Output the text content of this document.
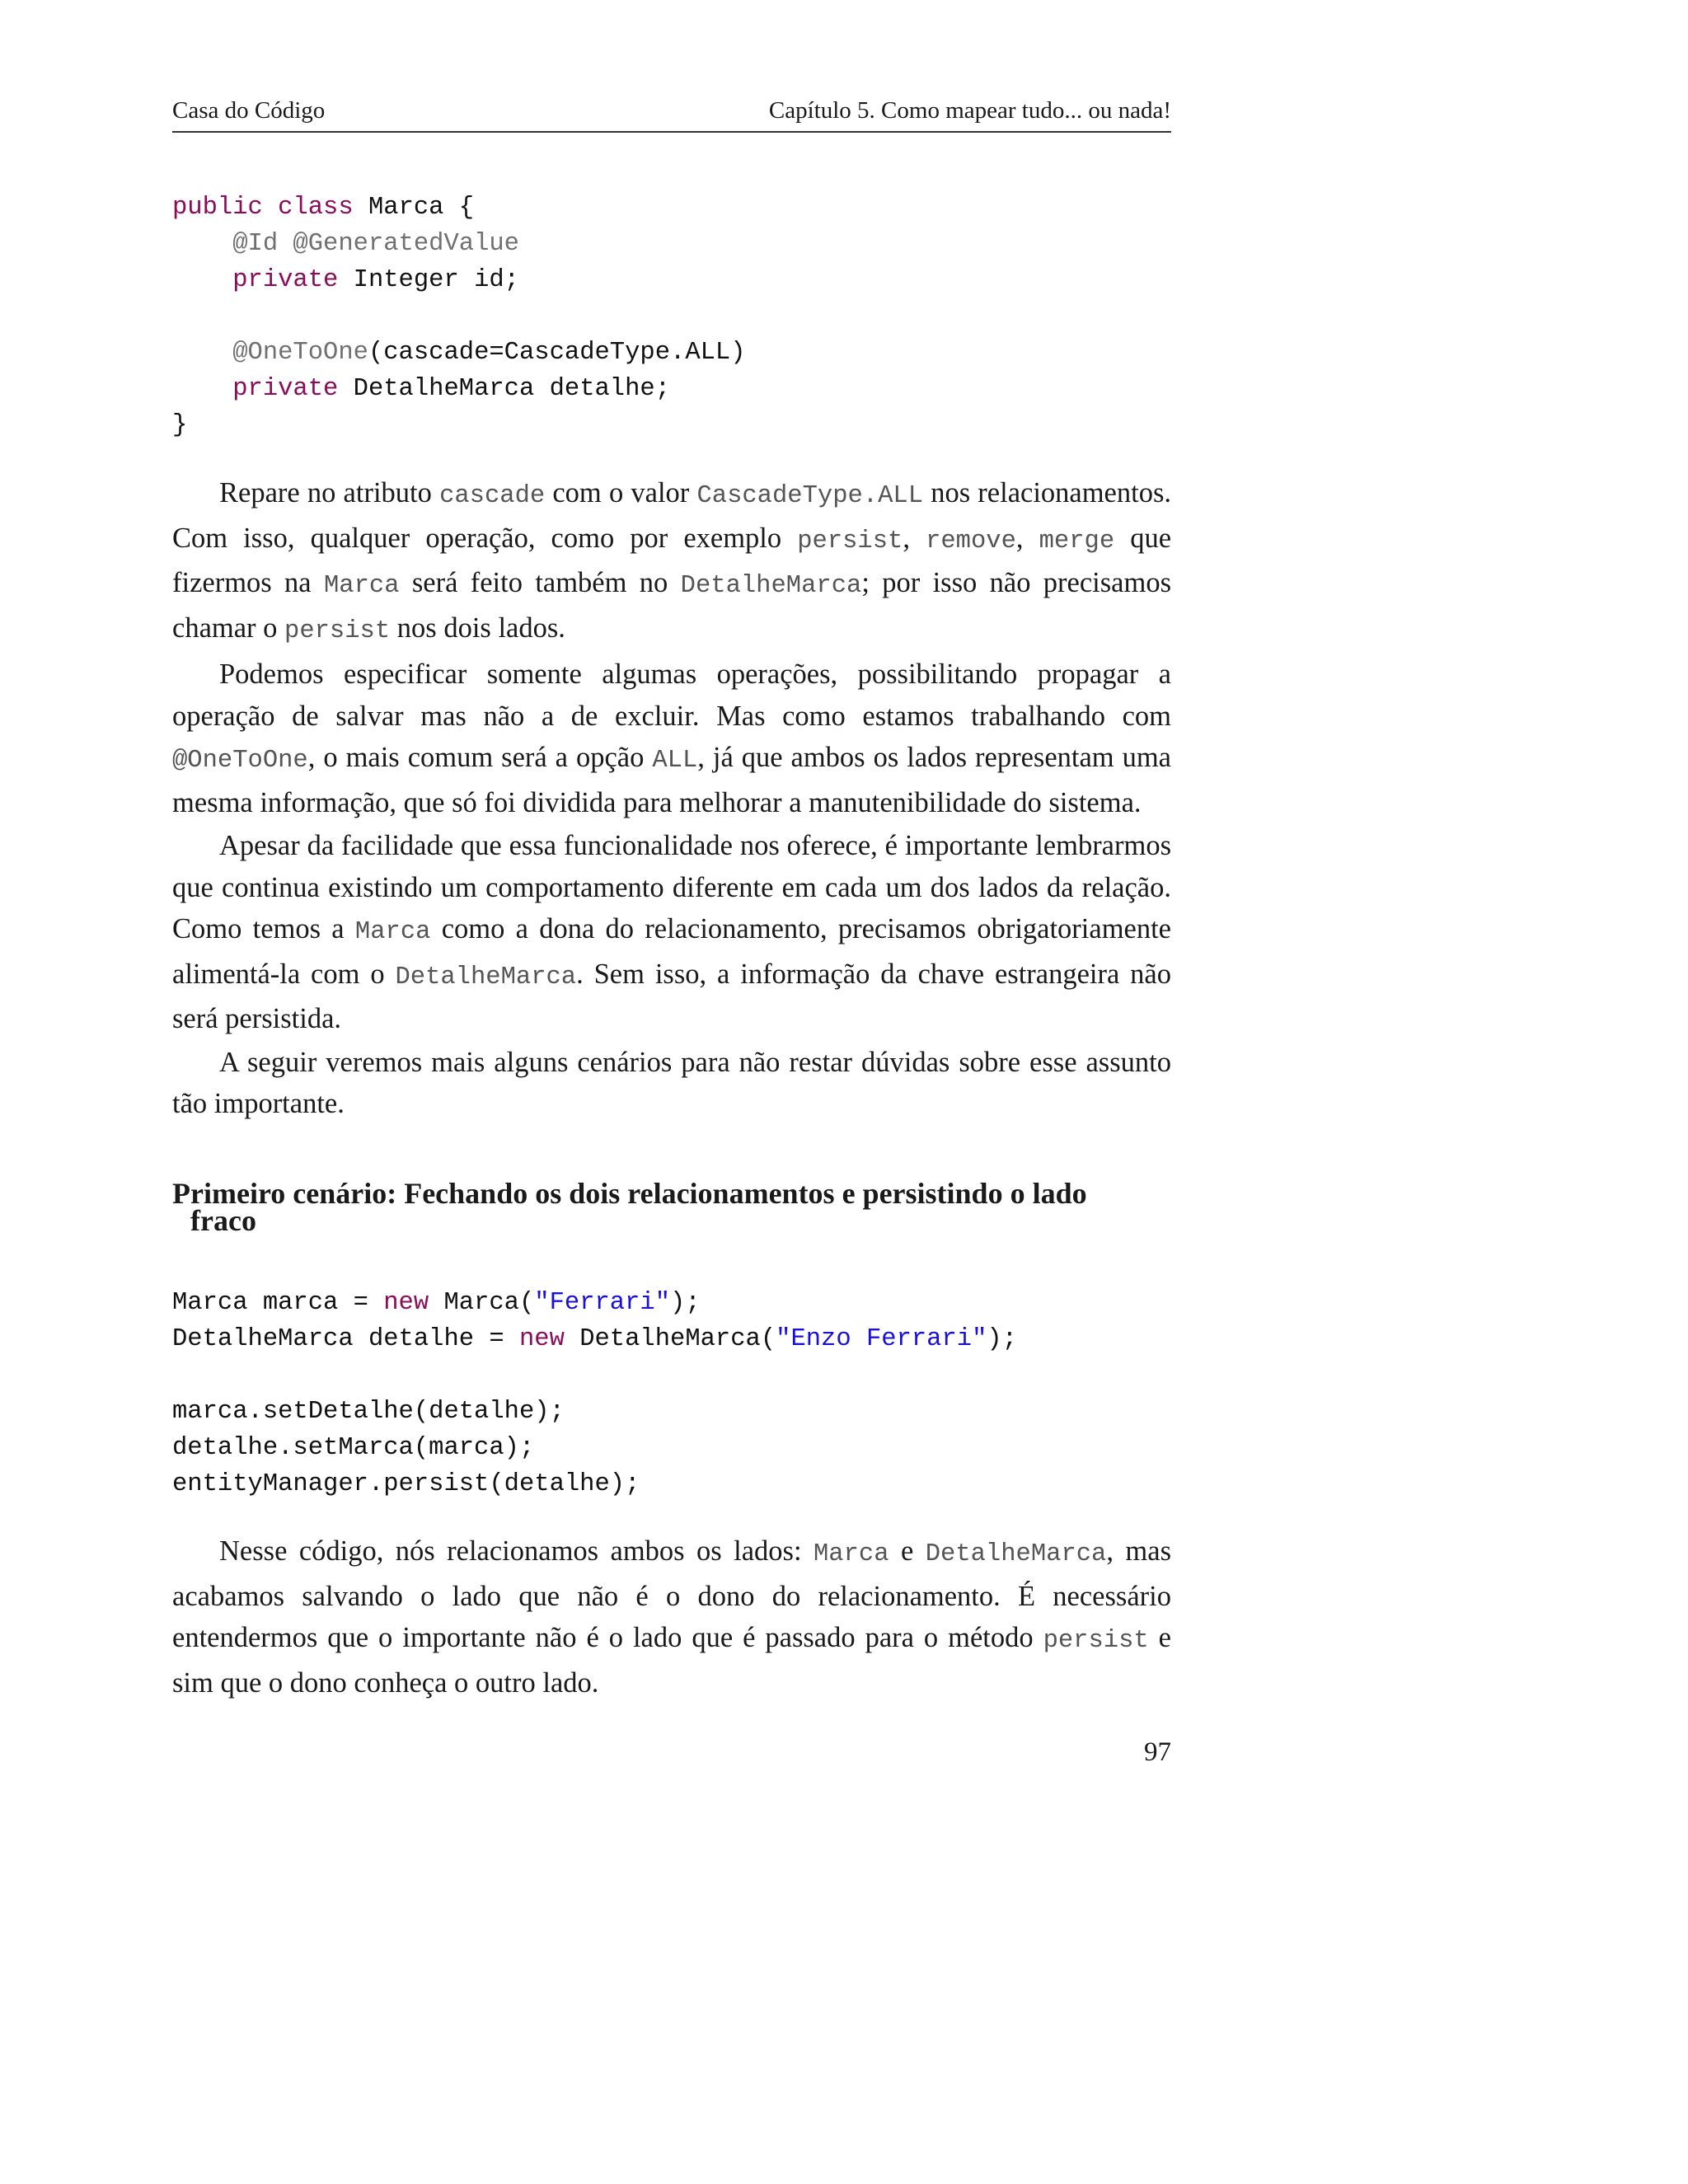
Casa do Código	Capítulo 5. Como mapear tudo... ou nada!
public class Marca {
@Id @GeneratedValue
private Integer id;
@OneToOne(cascade=CascadeType.ALL)
private DetalheMarca detalhe;
}

Repare no atributo cascade com o valor CascadeType.ALL nos relacionamentos. Com isso, qualquer operação, como por exemplo persist, remove, merge que fizermos na Marca será feito também no DetalheMarca; por isso não precisamos chamar o persist nos dois lados.

Podemos especificar somente algumas operações, possibilitando propagar a operação de salvar mas não a de excluir. Mas como estamos trabalhando com @OneToOne, o mais comum será a opção ALL, já que ambos os lados representam uma mesma informação, que só foi dividida para melhorar a manutenibilidade do sistema.

Apesar da facilidade que essa funcionalidade nos oferece, é importante lembrarmos que continua existindo um comportamento diferente em cada um dos lados da relação. Como temos a Marca como a dona do relacionamento, precisamos obrigatoriamente alimentá-la com o DetalheMarca. Sem isso, a informação da chave estrangeira não será persistida.

A seguir veremos mais alguns cenários para não restar dúvidas sobre esse assunto tão importante.

Primeiro cenário: Fechando os dois relacionamentos e persistindo o lado
fraco
Marca marca = new Marca("Ferrari");
DetalheMarca detalhe = new DetalheMarca("Enzo Ferrari");
marca.setDetalhe(detalhe);
detalhe.setMarca(marca);
entityManager.persist(detalhe);

Nesse código, nós relacionamos ambos os lados: Marca e DetalheMarca, mas acabamos salvando o lado que não é o dono do relacionamento. É necessário entendermos que o importante não é o lado que é passado para o método persist e sim que o dono conheça o outro lado.

97
